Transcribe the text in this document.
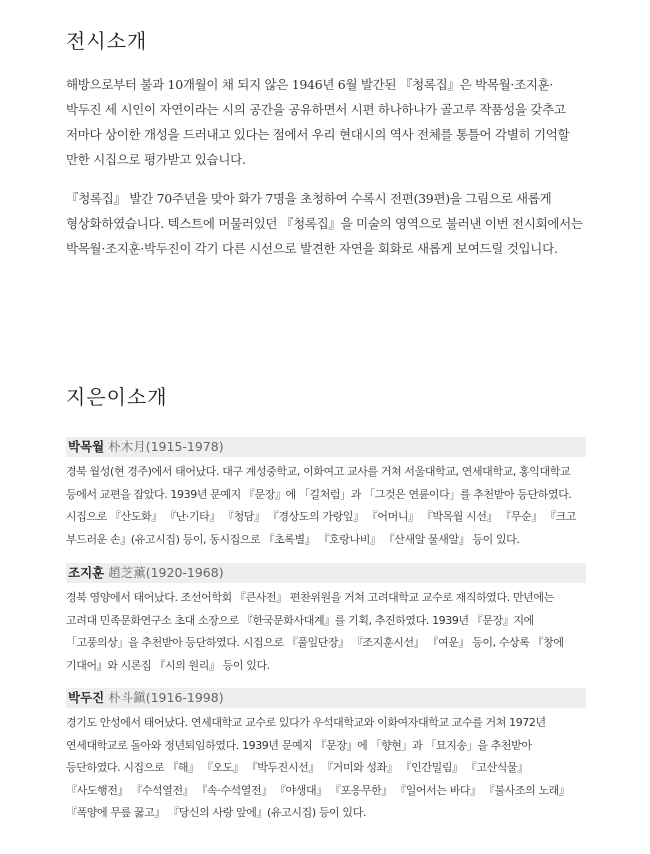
전시소개

해방으로부터 불과 10개월이 채 되지 않은 1946년 6월 발간된 『청록집』은 박목월·조지훈·박두진 세 시인이 자연이라는 시의 공간을 공유하면서 시편 하나하나가 골고루 작품성을 갖추고 저마다 상이한 개성을 드러내고 있다는 점에서 우리 현대시의 역사 전체를 통틀어 각별히 기억할 만한 시집으로 평가받고 있습니다.

『청록집』 발간 70주년을 맞아 화가 7명을 초청하여 수록시 전편(39편)을 그림으로 새롭게 형상화하였습니다. 텍스트에 머물러있던 『청록집』을 미술의 영역으로 불러낸 이번 전시회에서는 박목월·조지훈·박두진이 각기 다른 시선으로 발견한 자연을 회화로 새롭게 보여드릴 것입니다.

지은이소개
박목월 朴木月(1915-1978)

경북 월성(현 경주)에서 태어났다. 대구 계성중학교, 이화여고 교사를 거쳐 서울대학교, 연세대학교, 홍익대학교 등에서 교편을 잡았다. 1939년 문예지 『문장』에 「길처럼」과 「그것은 연륜이다」를 추천받아 등단하였다. 시집으로 『산도화』 『난·기타』 『청담』 『경상도의 가랑잎』 『어머니』 『박목월 시선』 『무순』 『크고 부드러운 손』(유고시집) 등이, 동시집으로 『초록별』 『호랑나비』 『산새알 물새알』 등이 있다.

조지훈 趙芝薰(1920-1968)

경북 영양에서 태어났다. 조선어학회 『큰사전』 편찬위원을 거쳐 고려대학교 교수로 재직하였다. 만년에는 고려대 민족문화연구소 초대 소장으로 『한국문화사대계』를 기획, 추진하였다. 1939년 『문장』지에 「고풍의상」을 추천받아 등단하였다. 시집으로 『풀잎단장』 『조지훈시선』 『여운』 등이, 수상록 『창에 기대어』와 시론집 『시의 원리』 등이 있다.

박두진 朴斗鎭(1916-1998)

경기도 안성에서 태어났다. 연세대학교 교수로 있다가 우석대학교와 이화여자대학교 교수를 거쳐 1972년 연세대학교로 돌아와 정년퇴임하였다. 1939년 문예지 『문장』에 「향현」과 「묘지송」을 추천받아 등단하였다. 시집으로 『해』 『오도』 『박두진시선』 『거미와 성좌』 『인간밀림』 『고산식물』 『사도행전』 『수석열전』 『속·수석열전』 『야생대』 『포옹무한』 『일어서는 바다』 『불사조의 노래』 『폭양에 무릎 꿇고』 『당신의 사랑 앞에』(유고시집) 등이 있다.
